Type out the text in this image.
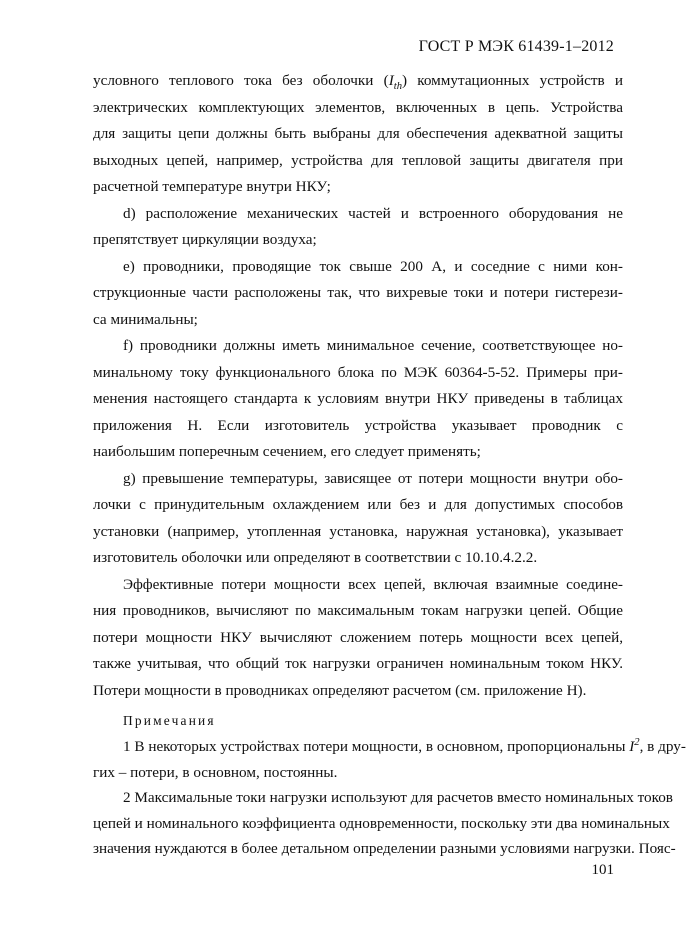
ГОСТ Р МЭК 61439-1–2012
условного теплового тока без оболочки $(I_{th})$ коммутационных устройств и
электрических комплектующих элементов, включенных в цепь. Устройства
для защиты цепи должны быть выбраны для обеспечения адекватной защиты
выходных цепей, например, устройства для тепловой защиты двигателя при
расчетной температуре внутри НКУ;
d) расположение механических частей и встроенного оборудования не
препятствует циркуляции воздуха;
e) проводники, проводящие ток свыше 200 А, и соседние с ними кон-
струкционные части расположены так, что вихревые токи и потери гистерези-
са минимальны;
f) проводники должны иметь минимальное сечение, соответствующее но-
минальному току функционального блока по МЭК 60364-5-52. Примеры при-
менения настоящего стандарта к условиям внутри НКУ приведены в таблицах
приложения Н. Если изготовитель устройства указывает проводник с
наибольшим поперечным сечением, его следует применять;
g) превышение температуры, зависящее от потери мощности внутри обо-
лочки с принудительным охлаждением или без и для допустимых способов
установки (например, утопленная установка, наружная установка), указывает
изготовитель оболочки или определяют в соответствии с 10.10.4.2.2.
Эффективные потери мощности всех цепей, включая взаимные соедине-
ния проводников, вычисляют по максимальным токам нагрузки цепей. Общие
потери мощности НКУ вычисляют сложением потерь мощности всех цепей,
также учитывая, что общий ток нагрузки ограничен номинальным током НКУ.
Потери мощности в проводниках определяют расчетом (см. приложение Н).
Примечания
1 В некоторых устройствах потери мощности, в основном, пропорциональны $I^2$, в дру-
гих – потери, в основном, постоянны.
2 Максимальные токи нагрузки используют для расчетов вместо номинальных токов
цепей и номинального коэффициента одновременности, поскольку эти два номинальных
значения нуждаются в более детальном определении разными условиями нагрузки. Пояс-
101
